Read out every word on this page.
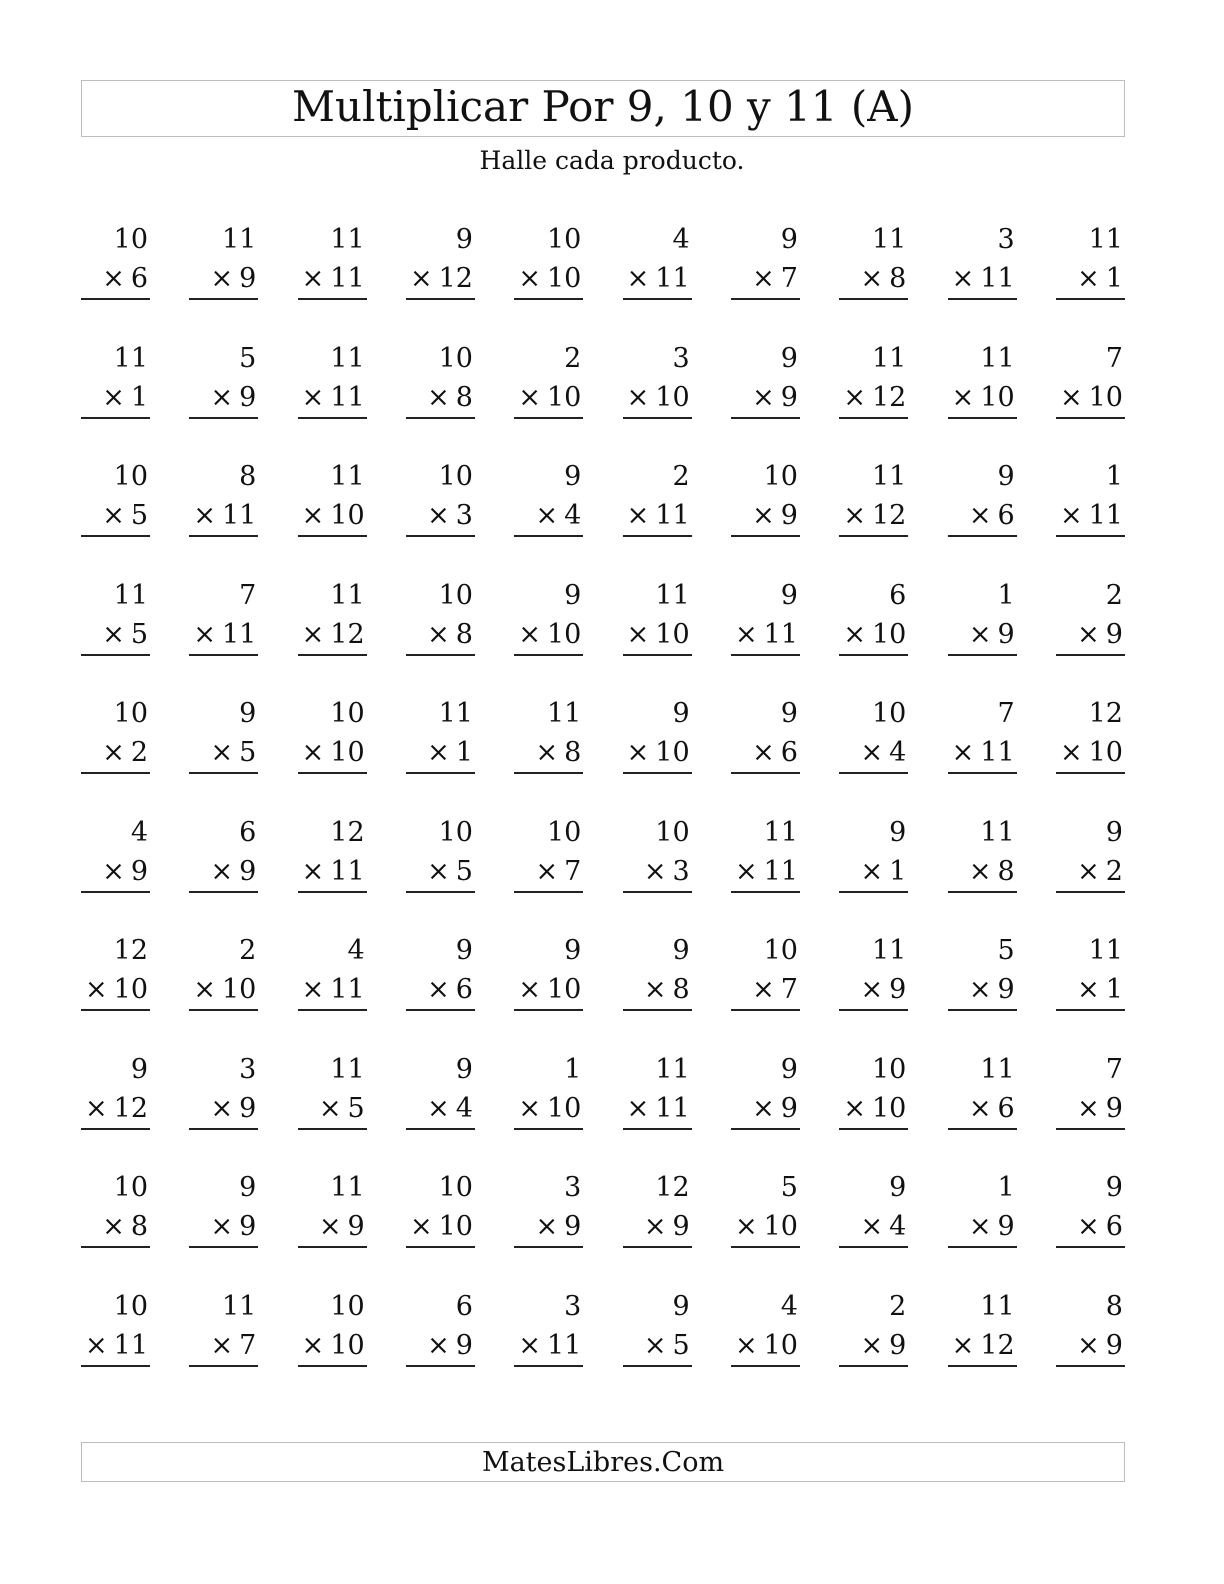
Multiplicar Por 9, 10 y 11 (A)
Halle cada producto.
10
× 6
11
× 9
11
× 11
9
× 12
10
× 10
4
× 11
9
× 7
11
× 8
3
× 11
11
× 1
11
× 1
5
× 9
11
× 11
10
× 8
2
× 10
3
× 10
9
× 9
11
× 12
11
× 10
7
× 10
10
× 5
8
× 11
11
× 10
10
× 3
9
× 4
2
× 11
10
× 9
11
× 12
9
× 6
1
× 11
11
× 5
7
× 11
11
× 12
10
× 8
9
× 10
11
× 10
9
× 11
6
× 10
1
× 9
2
× 9
10
× 2
9
× 5
10
× 10
11
× 1
11
× 8
9
× 10
9
× 6
10
× 4
7
× 11
12
× 10
4
× 9
6
× 9
12
× 11
10
× 5
10
× 7
10
× 3
11
× 11
9
× 1
11
× 8
9
× 2
12
× 10
2
× 10
4
× 11
9
× 6
9
× 10
9
× 8
10
× 7
11
× 9
5
× 9
11
× 1
9
× 12
3
× 9
11
× 5
9
× 4
1
× 10
11
× 11
9
× 9
10
× 10
11
× 6
7
× 9
10
× 8
9
× 9
11
× 9
10
× 10
3
× 9
12
× 9
5
× 10
9
× 4
1
× 9
9
× 6
10
× 11
11
× 7
10
× 10
6
× 9
3
× 11
9
× 5
4
× 10
2
× 9
11
× 12
8
× 9
MatesLibres.Com
